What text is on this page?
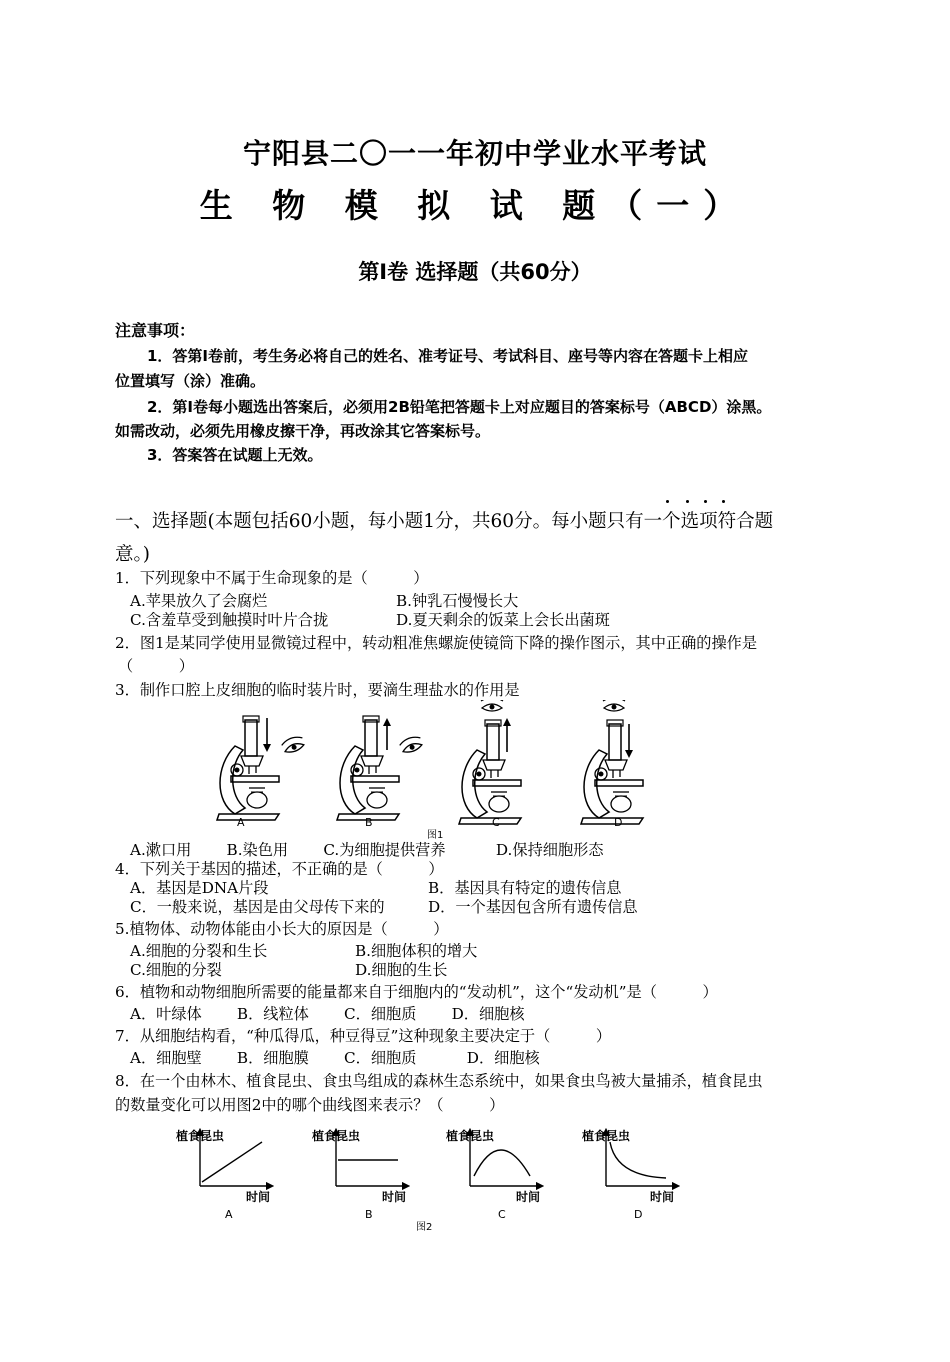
宁阳县二〇一一年初中学业水平考试
生 物 模 拟 试 题（一）
第Ⅰ卷 选择题（共60分）
注意事项：
1．答第Ⅰ卷前，考生务必将自己的姓名、准考证号、考试科目、座号等内容在答题卡上相应
位置填写（涂）准确。
2．第Ⅰ卷每小题选出答案后，必须用2B铅笔把答题卡上对应题目的答案标号（ABCD）涂黑。
如需改动，必须先用橡皮擦干净，再改涂其它答案标号。
3．答案答在试题上无效。
一、选择题(本题包括60小题，每小题1分，共60分。每小题只有一个选项符合题
意。)
1．下列现象中不属于生命现象的是（　　　）
A.苹果放久了会腐烂	B.钟乳石慢慢长大
C.含羞草受到触摸时叶片合拢	D.夏天剩余的饭菜上会长出菌斑
2．图1是某同学使用显微镜过程中，转动粗准焦螺旋使镜筒下降的操作图示，其中正确的操作是
（　　　）
3．制作口腔上皮细胞的临时装片时，要滴生理盐水的作用是
A	B	C	D
图1
A.漱口用　　 B.染色用　　 C.为细胞提供营养　　　 D.保持细胞形态
4．下列关于基因的描述，不正确的是（　　　）
A．基因是DNA片段	B．基因具有特定的遗传信息
C．一般来说，基因是由父母传下来的	D．一个基因包含所有遗传信息
5.植物体、动物体能由小长大的原因是（　　　）
A.细胞的分裂和生长	B.细胞体积的增大
C.细胞的分裂	D.细胞的生长
6．植物和动物细胞所需要的能量都来自于细胞内的“发动机”，这个“发动机”是（　　　）
A．叶绿体　　 B．线粒体　　 C．细胞质　　 D．细胞核
7．从细胞结构看，“种瓜得瓜，种豆得豆”这种现象主要决定于（　　　）
A．细胞壁　　 B．细胞膜　　 C．细胞质　　　 D．细胞核
8．在一个由林木、植食昆虫、食虫鸟组成的森林生态系统中，如果食虫鸟被大量捕杀，植食昆虫
的数量变化可以用图2中的哪个曲线图来表示？（　　　）
植食昆虫
时间
A
植食昆虫
时间
B
植食昆虫
时间
C
植食昆虫
时间
D
图2
